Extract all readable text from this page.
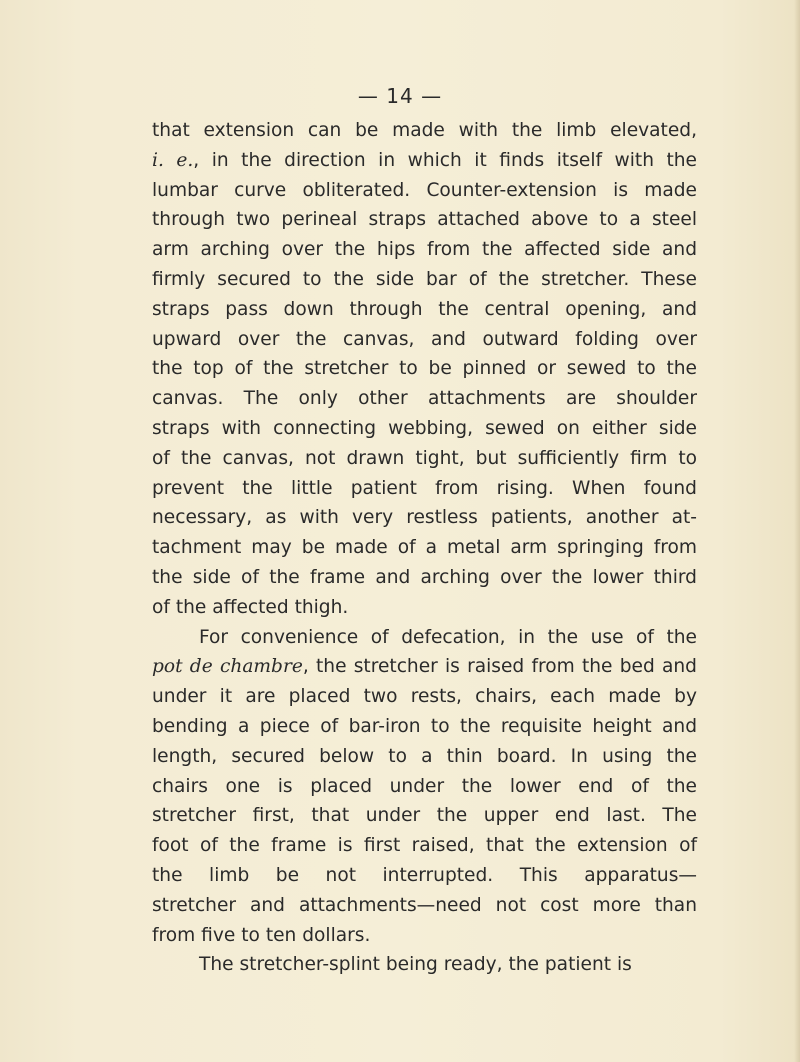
— 14 —
that extension can be made with the limb elevated,
i. e., in the direction in which it finds itself with the
lumbar curve obliterated. Counter-extension is made
through two perineal straps attached above to a steel
arm arching over the hips from the affected side and
firmly secured to the side bar of the stretcher. These
straps pass down through the central opening, and
upward over the canvas, and outward folding over
the top of the stretcher to be pinned or sewed to the
canvas. The only other attachments are shoulder
straps with connecting webbing, sewed on either side
of the canvas, not drawn tight, but sufficiently firm to
prevent the little patient from rising. When found
necessary, as with very restless patients, another at-
tachment may be made of a metal arm springing from
the side of the frame and arching over the lower third
of the affected thigh.
For convenience of defecation, in the use of the
pot de chambre, the stretcher is raised from the bed and
under it are placed two rests, chairs, each made by
bending a piece of bar-iron to the requisite height and
length, secured below to a thin board. In using the
chairs one is placed under the lower end of the
stretcher first, that under the upper end last. The
foot of the frame is first raised, that the extension of
the limb be not interrupted. This apparatus—
stretcher and attachments—need not cost more than
from five to ten dollars.
The stretcher-splint being ready, the patient is
